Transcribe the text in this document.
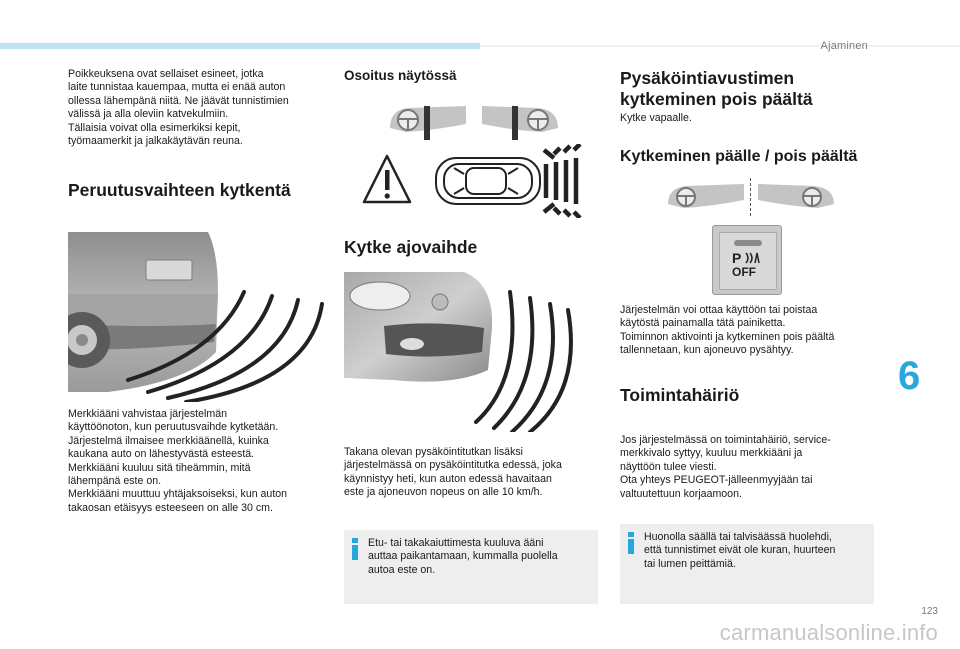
Ajaminen
6
123
carmanualsonline.info
Poikkeuksena ovat sellaiset esineet, jotka
laite tunnistaa kauempaa, mutta ei enää auton
ollessa lähempänä niitä. Ne jäävät tunnistimien
välissä ja alla oleviin katvekulmiin.
Tällaisia voivat olla esimerkiksi kepit,
työmaamerkit ja jalkakäytävän reuna.
Peruutusvaihteen kytkentä
Merkkiääni vahvistaa järjestelmän
käyttöönoton, kun peruutusvaihde kytketään.
Järjestelmä ilmaisee merkkiäänellä, kuinka
kaukana auto on lähestyvästä esteestä.
Merkkiääni kuuluu sitä tiheämmin, mitä
lähempänä este on.
Merkkiääni muuttuu yhtäjaksoiseksi, kun auton
takaosan etäisyys esteeseen on alle 30 cm.
Osoitus näytössä
Kytke ajovaihde
Takana olevan pysäköintitutkan lisäksi
järjestelmässä on pysäköintitutka edessä, joka
käynnistyy heti, kun auton edessä havaitaan
este ja ajoneuvon nopeus on alle 10 km/h.
Etu- tai takakaiuttimesta kuuluva ääni
auttaa paikantamaan, kummalla puolella
autoa este on.
Pysäköintiavustimen
kytkeminen pois päältä
Kytke vapaalle.
Kytkeminen päälle / pois päältä
P
OFF
Järjestelmän voi ottaa käyttöön tai poistaa
käytöstä painamalla tätä painiketta.
Toiminnon aktivointi ja kytkeminen pois päältä
tallennetaan, kun ajoneuvo pysähtyy.
Toimintahäiriö
Jos järjestelmässä on toimintahäiriö, service-
merkkivalo syttyy, kuuluu merkkiääni ja
näyttöön tulee viesti.
Ota yhteys PEUGEOT-jälleenmyyjään tai
valtuutettuun korjaamoon.
Huonolla säällä tai talvisäässä huolehdi,
että tunnistimet eivät ole kuran, huurteen
tai lumen peittämiä.
